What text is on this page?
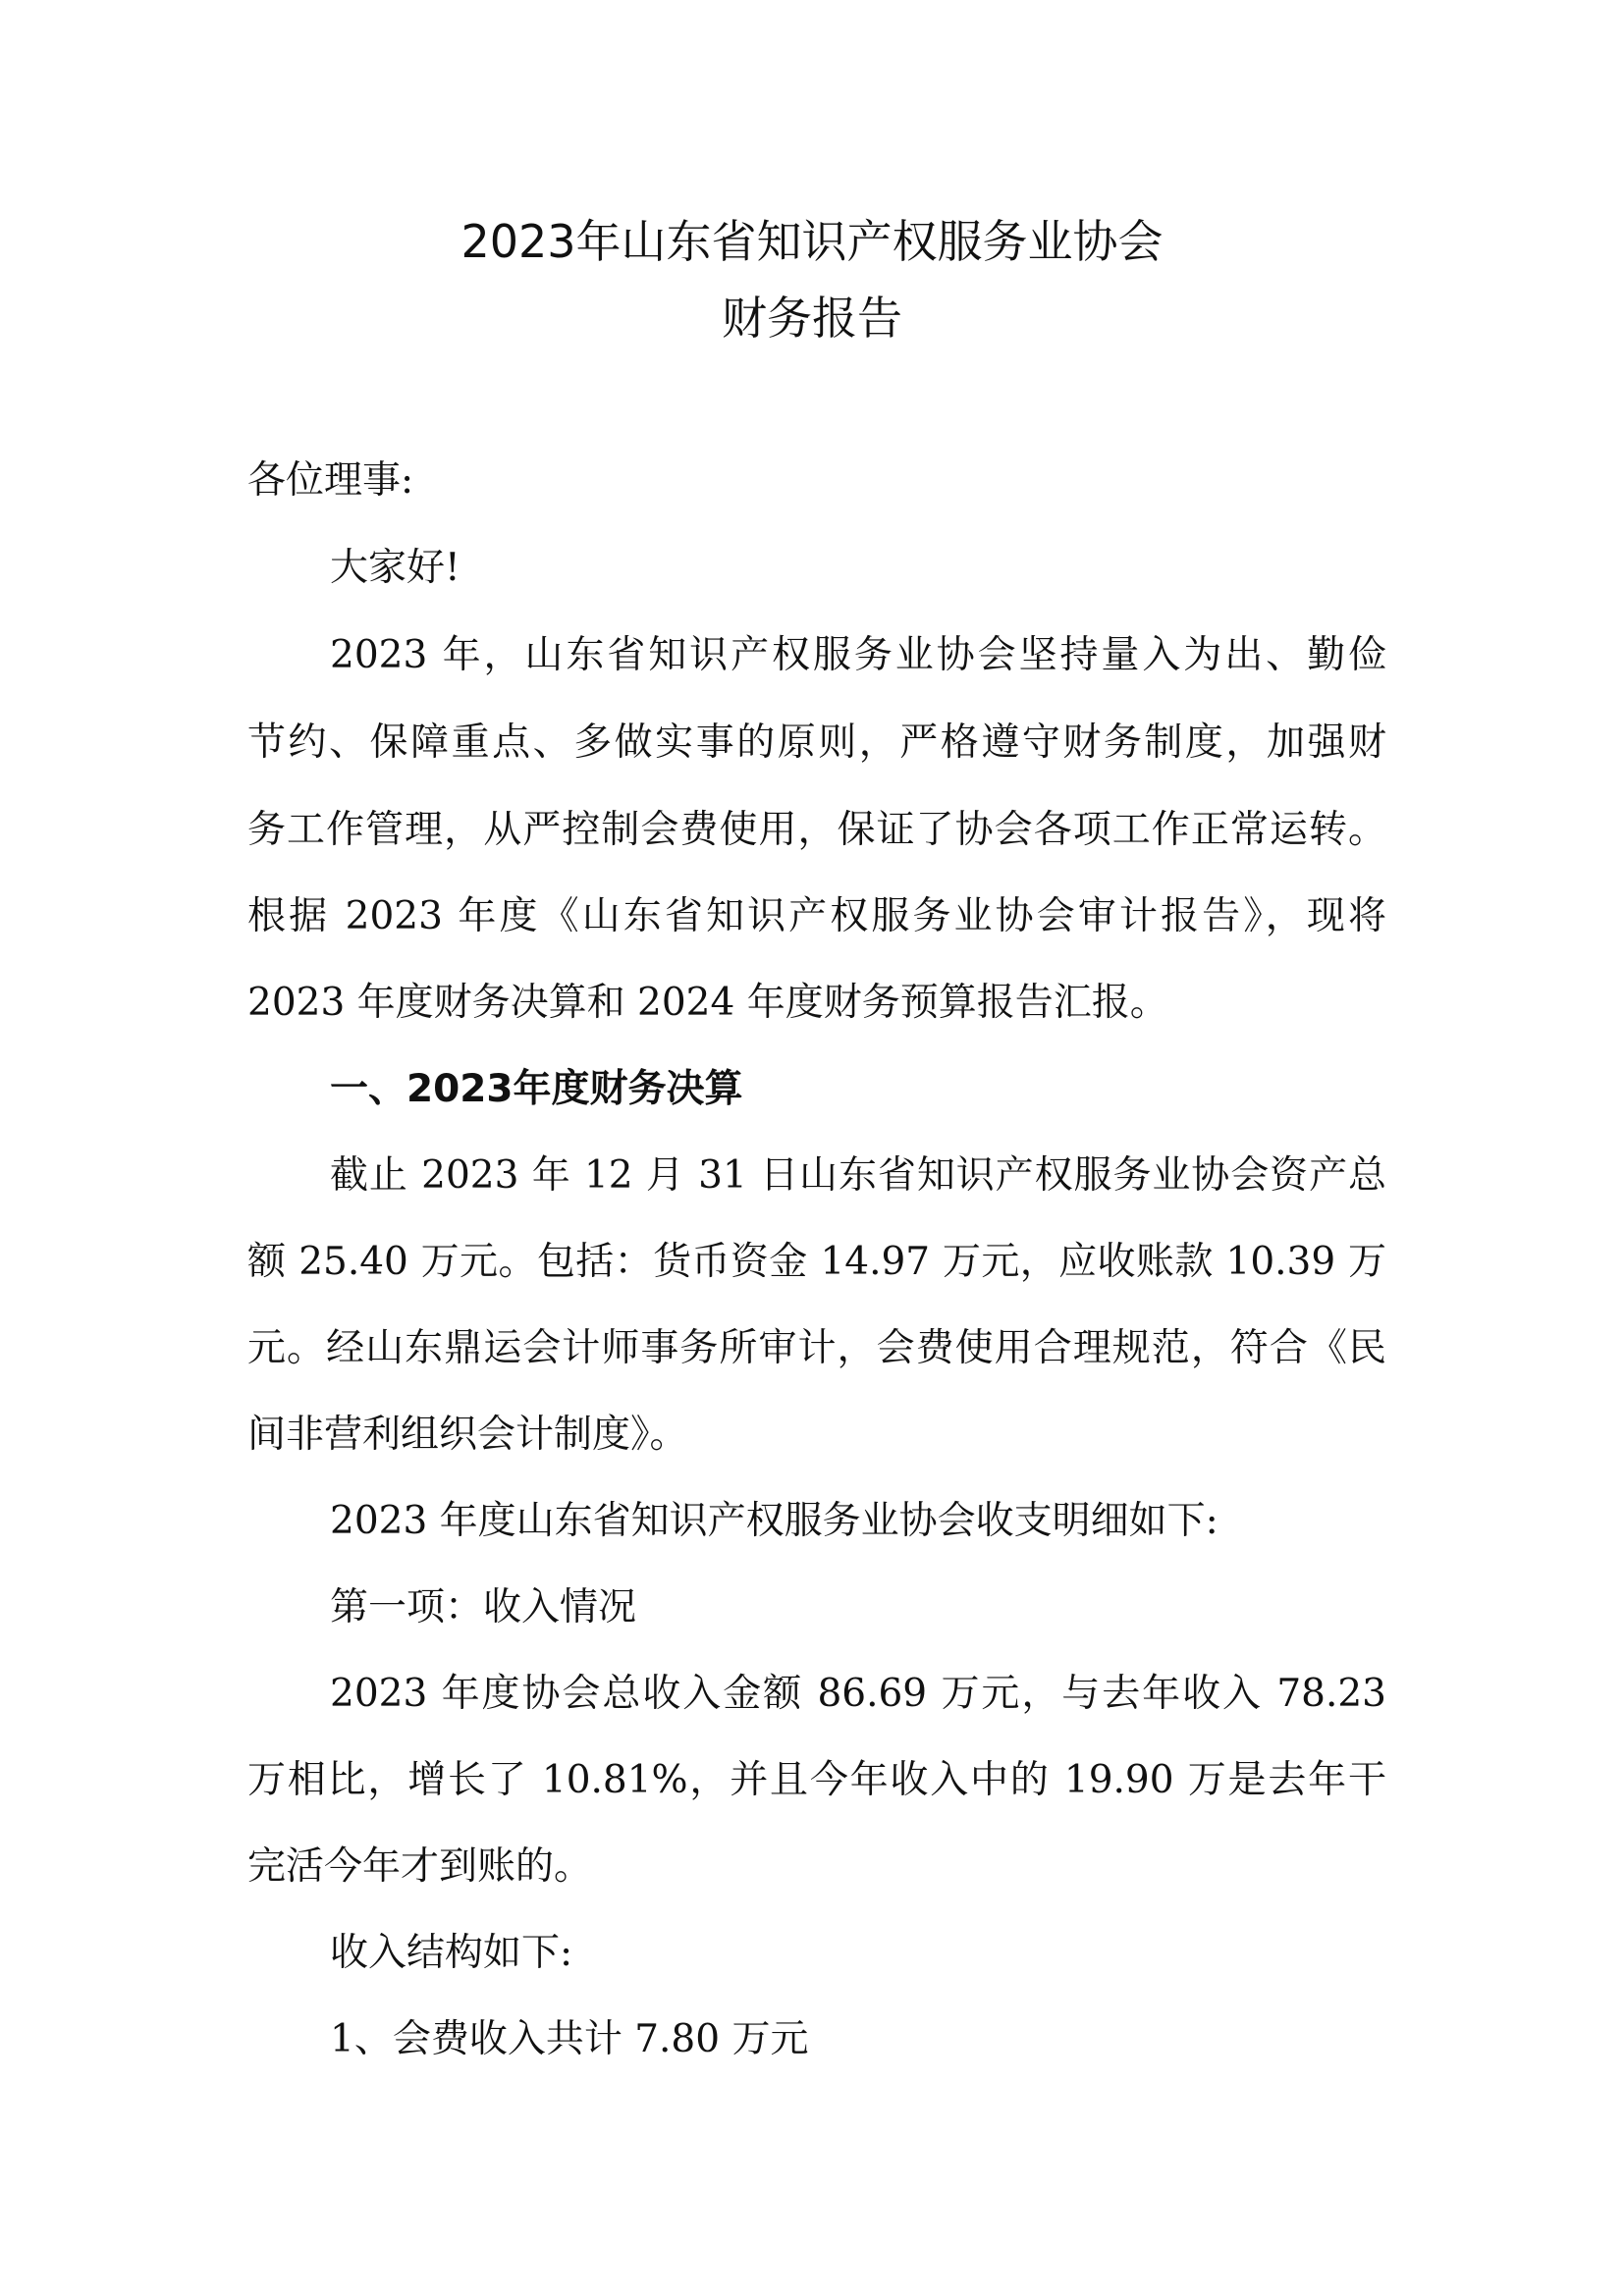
2023年山东省知识产权服务业协会
财务报告

各位理事:

大家好!

2023 年，山东省知识产权服务业协会坚持量入为出、勤俭

节约、保障重点、多做实事的原则，严格遵守财务制度，加强财

务工作管理，从严控制会费使用，保证了协会各项工作正常运转。

根据 2023 年度《山东省知识产权服务业协会审计报告》，现将

2023 年度财务决算和 2024 年度财务预算报告汇报。

一、2023年度财务决算

截止 2023 年 12 月 31 日山东省知识产权服务业协会资产总

额 25.40 万元。包括：货币资金 14.97 万元，应收账款 10.39 万

元。经山东鼎运会计师事务所审计，会费使用合理规范，符合《民

间非营利组织会计制度》。

2023 年度山东省知识产权服务业协会收支明细如下:

第一项：收入情况

2023 年度协会总收入金额 86.69 万元，与去年收入 78.23

万相比，增长了 10.81%，并且今年收入中的 19.90 万是去年干

完活今年才到账的。

收入结构如下:

1、会费收入共计 7.80 万元
